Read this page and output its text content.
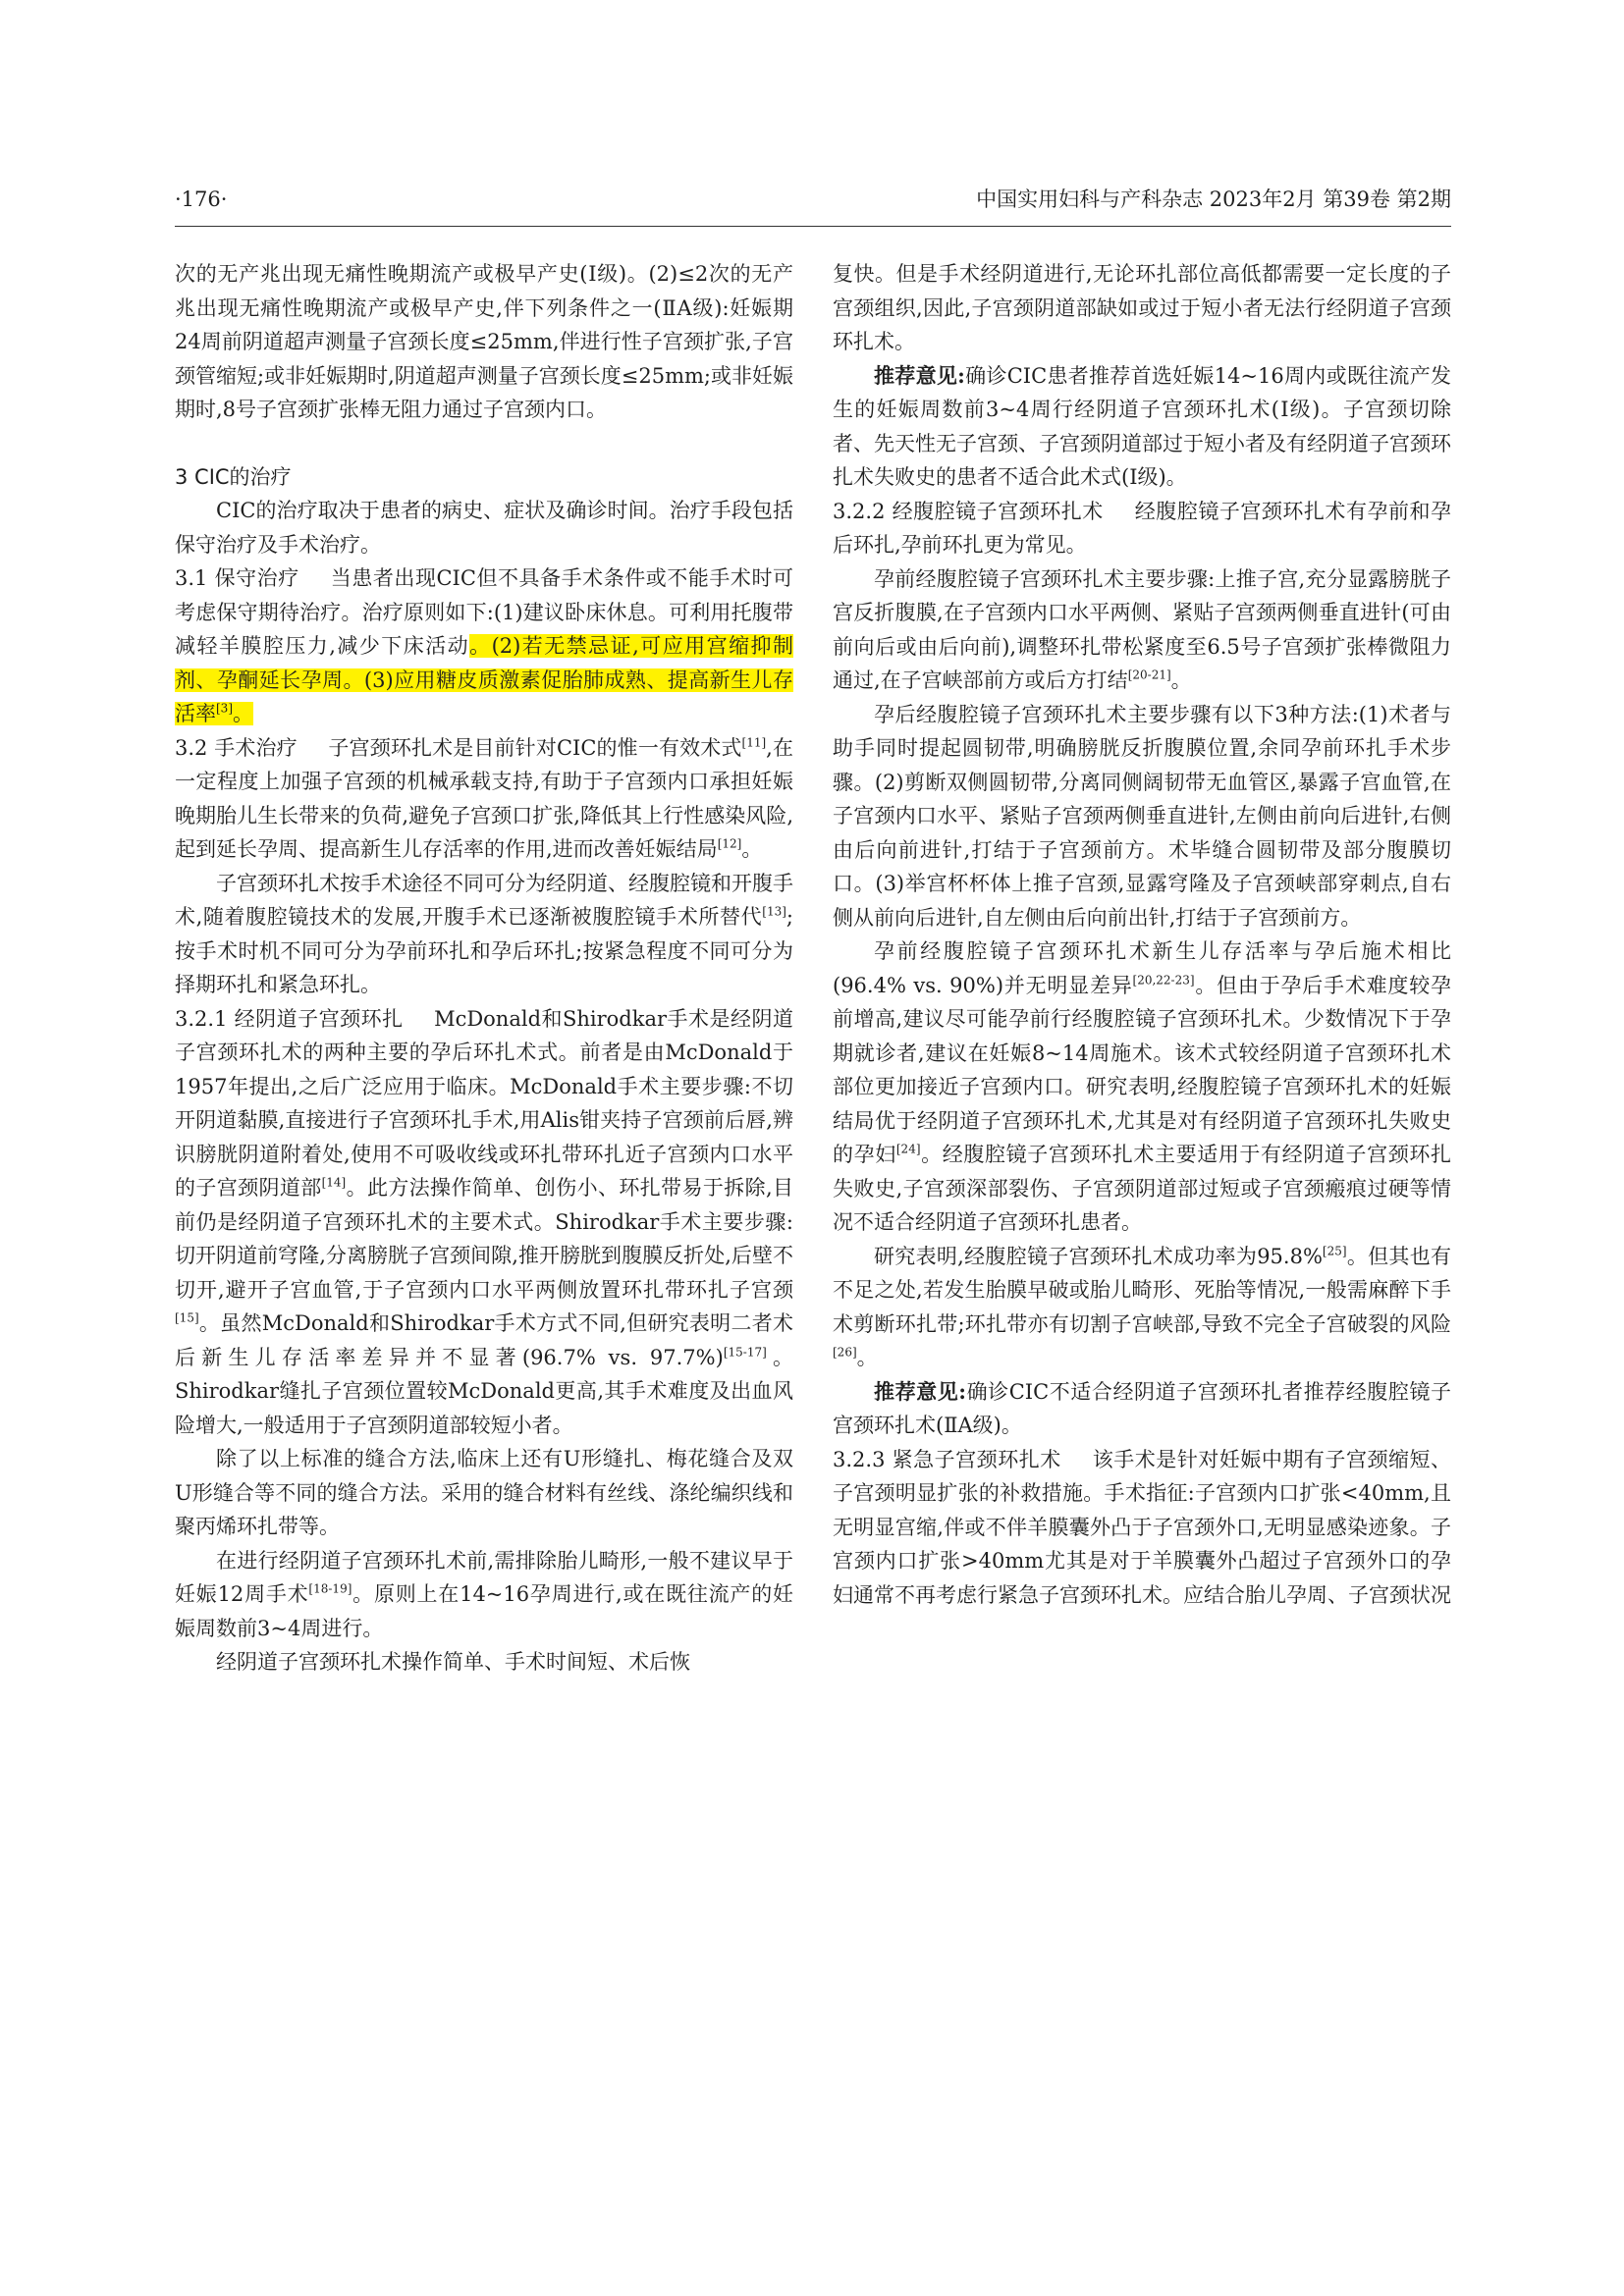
·176·	中国实用妇科与产科杂志 2023年2月 第39卷 第2期

次的无产兆出现无痛性晚期流产或极早产史(Ⅰ级)。(2)≤2次的无产兆出现无痛性晚期流产或极早产史,伴下列条件之一(ⅡA级):妊娠期24周前阴道超声测量子宫颈长度≤25mm,伴进行性子宫颈扩张,子宫颈管缩短;或非妊娠期时,阴道超声测量子宫颈长度≤25mm;或非妊娠期时,8号子宫颈扩张棒无阻力通过子宫颈内口。

3 CIC的治疗

CIC的治疗取决于患者的病史、症状及确诊时间。治疗手段包括保守治疗及手术治疗。

3.1 保守治疗 当患者出现CIC但不具备手术条件或不能手术时可考虑保守期待治疗。治疗原则如下:(1)建议卧床休息。可利用托腹带减轻羊膜腔压力,减少下床活动。(2)若无禁忌证,可应用宫缩抑制剂、孕酮延长孕周。(3)应用糖皮质激素促胎肺成熟、提高新生儿存活率[3]。

3.2 手术治疗 子宫颈环扎术是目前针对CIC的惟一有效术式[11],在一定程度上加强子宫颈的机械承载支持,有助于子宫颈内口承担妊娠晚期胎儿生长带来的负荷,避免子宫颈口扩张,降低其上行性感染风险,起到延长孕周、提高新生儿存活率的作用,进而改善妊娠结局[12]。

子宫颈环扎术按手术途径不同可分为经阴道、经腹腔镜和开腹手术,随着腹腔镜技术的发展,开腹手术已逐渐被腹腔镜手术所替代[13];按手术时机不同可分为孕前环扎和孕后环扎;按紧急程度不同可分为择期环扎和紧急环扎。

3.2.1 经阴道子宫颈环扎 McDonald和Shirodkar手术是经阴道子宫颈环扎术的两种主要的孕后环扎术式。前者是由McDonald于1957年提出,之后广泛应用于临床。McDonald手术主要步骤:不切开阴道黏膜,直接进行子宫颈环扎手术,用Alis钳夹持子宫颈前后唇,辨识膀胱阴道附着处,使用不可吸收线或环扎带环扎近子宫颈内口水平的子宫颈阴道部[14]。此方法操作简单、创伤小、环扎带易于拆除,目前仍是经阴道子宫颈环扎术的主要术式。Shirodkar手术主要步骤:切开阴道前穹隆,分离膀胱子宫颈间隙,推开膀胱到腹膜反折处,后壁不切开,避开子宫血管,于子宫颈内口水平两侧放置环扎带环扎子宫颈[15]。虽然McDonald和Shirodkar手术方式不同,但研究表明二者术后新生儿存活率差异并不显著(96.7% vs. 97.7%)[15-17]。Shirodkar缝扎子宫颈位置较McDonald更高,其手术难度及出血风险增大,一般适用于子宫颈阴道部较短小者。

除了以上标准的缝合方法,临床上还有U形缝扎、梅花缝合及双U形缝合等不同的缝合方法。采用的缝合材料有丝线、涤纶编织线和聚丙烯环扎带等。

在进行经阴道子宫颈环扎术前,需排除胎儿畸形,一般不建议早于妊娠12周手术[18-19]。原则上在14~16孕周进行,或在既往流产的妊娠周数前3~4周进行。

经阴道子宫颈环扎术操作简单、手术时间短、术后恢

复快。但是手术经阴道进行,无论环扎部位高低都需要一定长度的子宫颈组织,因此,子宫颈阴道部缺如或过于短小者无法行经阴道子宫颈环扎术。

推荐意见:确诊CIC患者推荐首选妊娠14~16周内或既往流产发生的妊娠周数前3~4周行经阴道子宫颈环扎术(Ⅰ级)。子宫颈切除者、先天性无子宫颈、子宫颈阴道部过于短小者及有经阴道子宫颈环扎术失败史的患者不适合此术式(Ⅰ级)。

3.2.2 经腹腔镜子宫颈环扎术 经腹腔镜子宫颈环扎术有孕前和孕后环扎,孕前环扎更为常见。

孕前经腹腔镜子宫颈环扎术主要步骤:上推子宫,充分显露膀胱子宫反折腹膜,在子宫颈内口水平两侧、紧贴子宫颈两侧垂直进针(可由前向后或由后向前),调整环扎带松紧度至6.5号子宫颈扩张棒微阻力通过,在子宫峡部前方或后方打结[20-21]。

孕后经腹腔镜子宫颈环扎术主要步骤有以下3种方法:(1)术者与助手同时提起圆韧带,明确膀胱反折腹膜位置,余同孕前环扎手术步骤。(2)剪断双侧圆韧带,分离同侧阔韧带无血管区,暴露子宫血管,在子宫颈内口水平、紧贴子宫颈两侧垂直进针,左侧由前向后进针,右侧由后向前进针,打结于子宫颈前方。术毕缝合圆韧带及部分腹膜切口。(3)举宫杯杯体上推子宫颈,显露穹隆及子宫颈峡部穿刺点,自右侧从前向后进针,自左侧由后向前出针,打结于子宫颈前方。

孕前经腹腔镜子宫颈环扎术新生儿存活率与孕后施术相比(96.4% vs. 90%)并无明显差异[20,22-23]。但由于孕后手术难度较孕前增高,建议尽可能孕前行经腹腔镜子宫颈环扎术。少数情况下于孕期就诊者,建议在妊娠8~14周施术。该术式较经阴道子宫颈环扎术部位更加接近子宫颈内口。研究表明,经腹腔镜子宫颈环扎术的妊娠结局优于经阴道子宫颈环扎术,尤其是对有经阴道子宫颈环扎失败史的孕妇[24]。经腹腔镜子宫颈环扎术主要适用于有经阴道子宫颈环扎失败史,子宫颈深部裂伤、子宫颈阴道部过短或子宫颈瘢痕过硬等情况不适合经阴道子宫颈环扎患者。

研究表明,经腹腔镜子宫颈环扎术成功率为95.8%[25]。但其也有不足之处,若发生胎膜早破或胎儿畸形、死胎等情况,一般需麻醉下手术剪断环扎带;环扎带亦有切割子宫峡部,导致不完全子宫破裂的风险[26]。

推荐意见:确诊CIC不适合经阴道子宫颈环扎者推荐经腹腔镜子宫颈环扎术(ⅡA级)。

3.2.3 紧急子宫颈环扎术 该手术是针对妊娠中期有子宫颈缩短、子宫颈明显扩张的补救措施。手术指征:子宫颈内口扩张<40mm,且无明显宫缩,伴或不伴羊膜囊外凸于子宫颈外口,无明显感染迹象。子宫颈内口扩张>40mm尤其是对于羊膜囊外凸超过子宫颈外口的孕妇通常不再考虑行紧急子宫颈环扎术。应结合胎儿孕周、子宫颈状况
